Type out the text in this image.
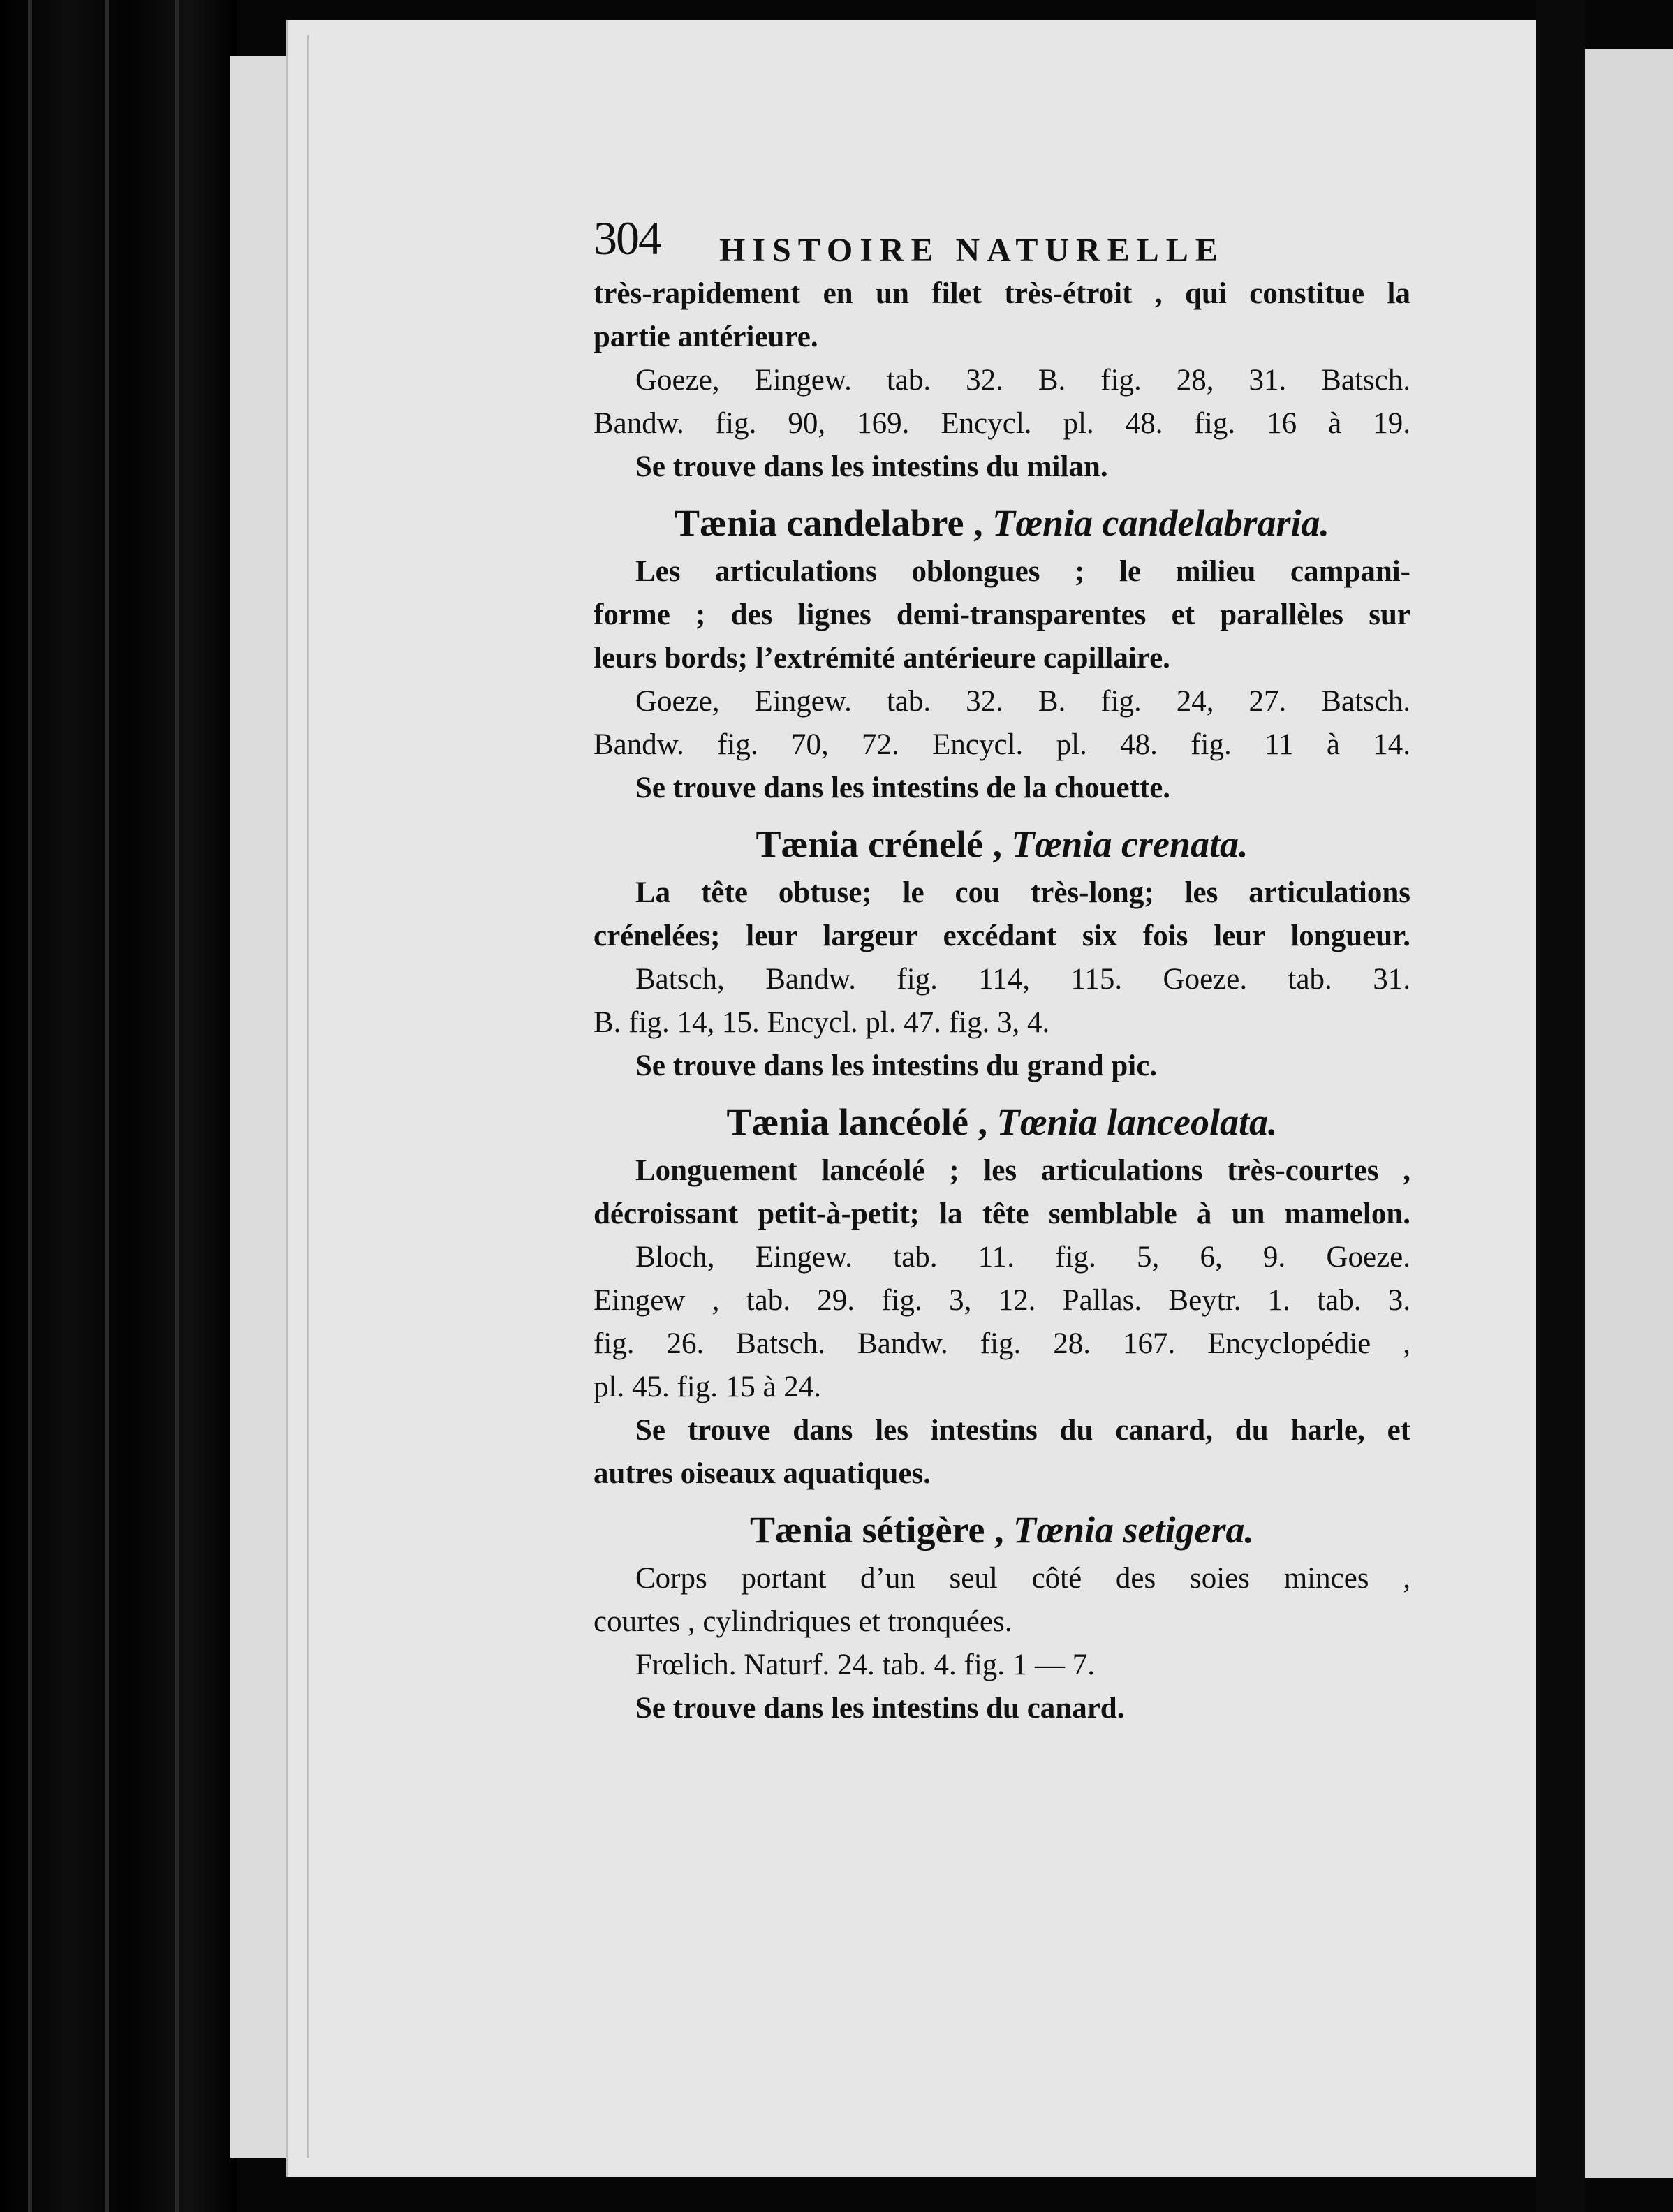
304 HISTOIRE NATURELLE
très-rapidement en un filet très-étroit , qui constitue la
partie antérieure.
Goeze, Eingew. tab. 32. B. fig. 28, 31. Batsch.
Bandw. fig. 90, 169. Encycl. pl. 48. fig. 16 à 19.
Se trouve dans les intestins du milan.
Tænia candelabre , Tœnia candelabraria.
Les articulations oblongues ; le milieu campani-
forme ; des lignes demi-transparentes et parallèles sur
leurs bords; l’extrémité antérieure capillaire.
Goeze, Eingew. tab. 32. B. fig. 24, 27. Batsch.
Bandw. fig. 70, 72. Encycl. pl. 48. fig. 11 à 14.
Se trouve dans les intestins de la chouette.
Tænia crénelé , Tœnia crenata.
La tête obtuse; le cou très-long; les articulations
crénelées; leur largeur excédant six fois leur longueur.
Batsch, Bandw. fig. 114, 115. Goeze. tab. 31.
B. fig. 14, 15. Encycl. pl. 47. fig. 3, 4.
Se trouve dans les intestins du grand pic.
Tænia lancéolé , Tœnia lanceolata.
Longuement lancéolé ; les articulations très-courtes ,
décroissant petit-à-petit; la tête semblable à un mamelon.
Bloch, Eingew. tab. 11. fig. 5, 6, 9. Goeze.
Eingew , tab. 29. fig. 3, 12. Pallas. Beytr. 1. tab. 3.
fig. 26. Batsch. Bandw. fig. 28. 167. Encyclopédie ,
pl. 45. fig. 15 à 24.
Se trouve dans les intestins du canard, du harle, et
autres oiseaux aquatiques.
Tænia sétigère , Tœnia setigera.
Corps portant d’un seul côté des soies minces ,
courtes , cylindriques et tronquées.
Frœlich. Naturf. 24. tab. 4. fig. 1 — 7.
Se trouve dans les intestins du canard.
